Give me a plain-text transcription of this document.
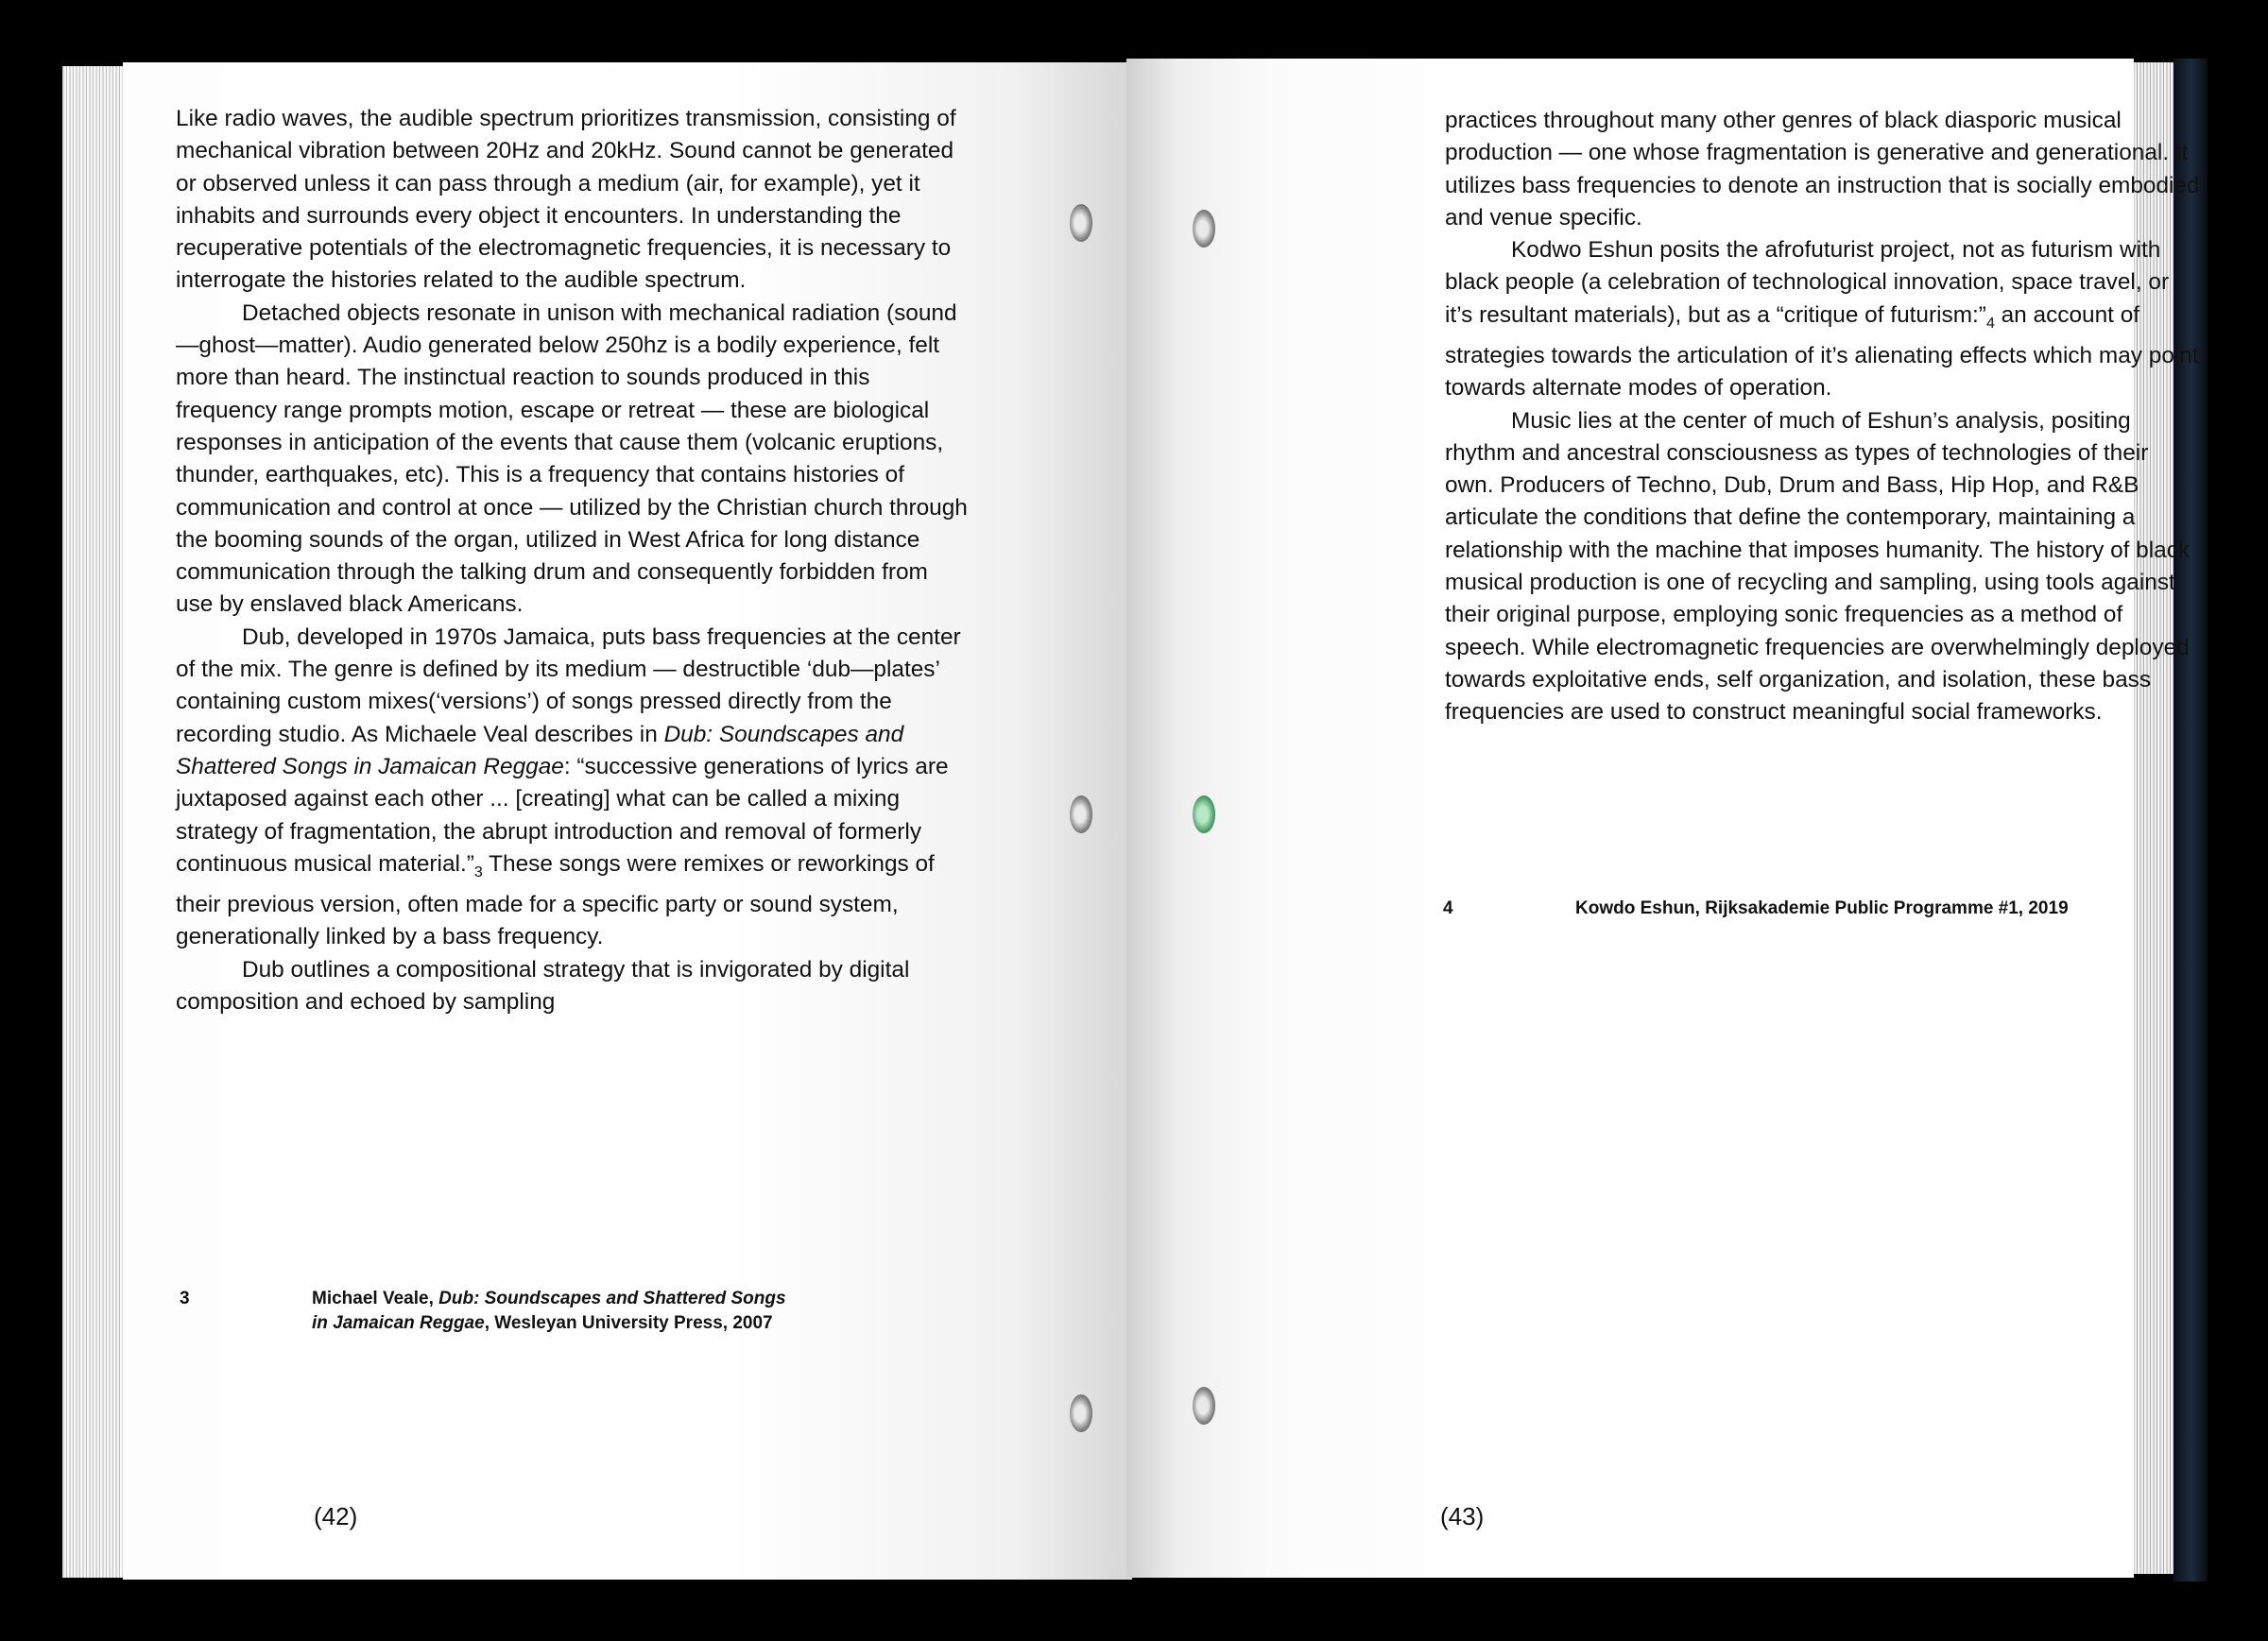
Like radio waves, the audible spectrum prioritizes transmission, consisting of mechanical vibration between 20Hz and 20kHz. Sound cannot be generated or observed unless it can pass through a medium (air, for example), yet it inhabits and surrounds every object it encounters. In understanding the recuperative potentials of the electromagnetic frequencies, it is necessary to interrogate the histories related to the audible spectrum.

Detached objects resonate in unison with mechanical radiation (sound—ghost—matter). Audio generated below 250hz is a bodily experience, felt more than heard. The instinctual reaction to sounds produced in this frequency range prompts motion, escape or retreat — these are biological responses in anticipation of the events that cause them (volcanic eruptions, thunder, earthquakes, etc). This is a frequency that contains histories of communication and control at once — utilized by the Christian church through the booming sounds of the organ, utilized in West Africa for long distance communication through the talking drum and consequently forbidden from use by enslaved black Americans.

Dub, developed in 1970s Jamaica, puts bass frequencies at the center of the mix. The genre is defined by its medium — destructible ‘dub—plates’ containing custom mixes(‘versions’) of songs pressed directly from the recording studio. As Michaele Veal describes in Dub: Soundscapes and Shattered Songs in Jamaican Reggae: “successive generations of lyrics are juxtaposed against each other ... [creating] what can be called a mixing strategy of fragmentation, the abrupt introduction and removal of formerly continuous musical $material.”_3$ These songs were remixes or reworkings of their previous version, often made for a specific party or sound system, generationally linked by a bass frequency.

Dub outlines a compositional strategy that is invigorated by digital composition and echoed by sampling

3	Michael Veale, Dub: Soundscapes and Shattered Songs in Jamaican Reggae, Wesleyan University Press, 2007
(42)

practices throughout many other genres of black diasporic musical production — one whose fragmentation is generative and generational. It utilizes bass frequencies to denote an instruction that is socially embodied and venue specific.

Kodwo Eshun posits the afrofuturist project, not as futurism with black people (a celebration of technological innovation, space travel, or it’s resultant materials), but as a “critique of $futurism:”_4$ an account of strategies towards the articulation of it’s alienating effects which may point towards alternate modes of operation.

Music lies at the center of much of Eshun’s analysis, positing rhythm and ancestral consciousness as types of technologies of their own. Producers of Techno, Dub, Drum and Bass, Hip Hop, and R&B articulate the conditions that define the contemporary, maintaining a relationship with the machine that imposes humanity. The history of black musical production is one of recycling and sampling, using tools against their original purpose, employing sonic frequencies as a method of speech. While electromagnetic frequencies are overwhelmingly deployed towards exploitative ends, self organization, and isolation, these bass frequencies are used to construct meaningful social frameworks.

4	Kowdo Eshun, Rijksakademie Public Programme #1, 2019
(43)
